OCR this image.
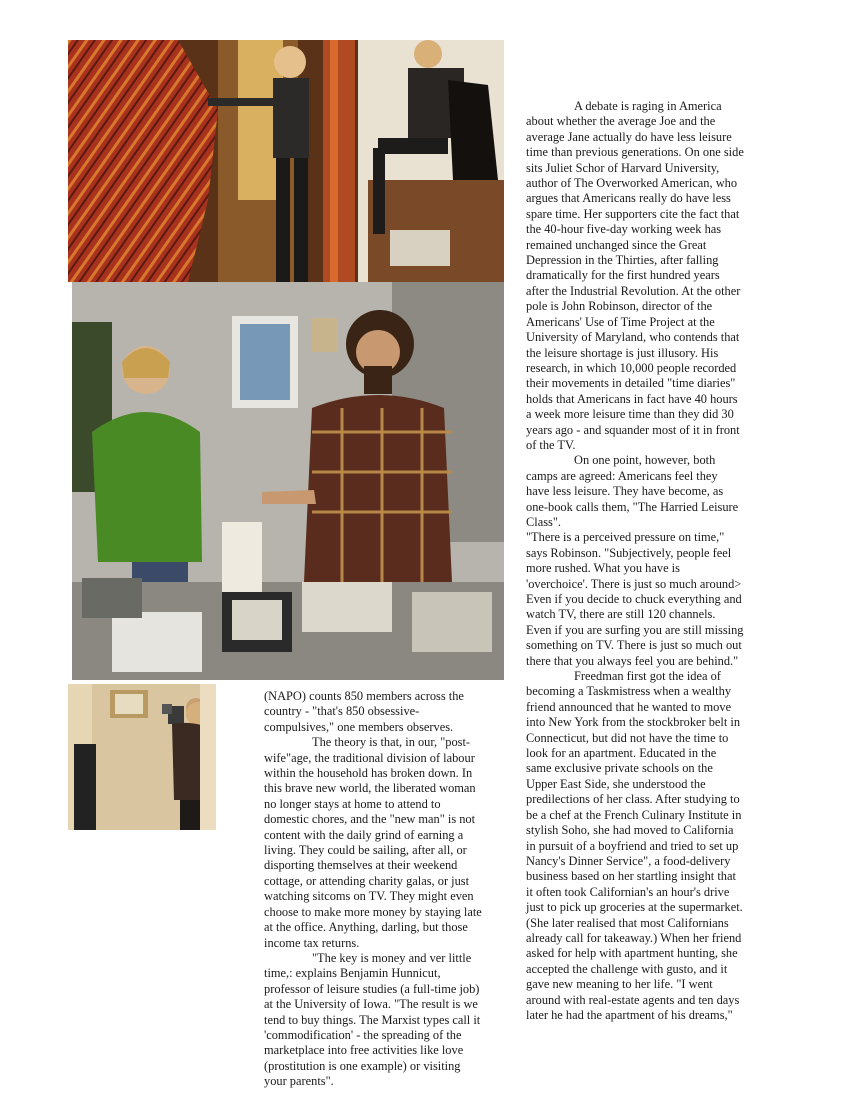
A debate is raging in America about whether the average Joe and the average Jane actually do have less leisure time than previous generations. On one side sits Juliet Schor of Harvard University, author of The Overworked American, who argues that Americans really do have less spare time. Her supporters cite the fact that the 40-hour five-day working week has remained unchanged since the Great Depression in the Thirties, after falling dramatically for the first hundred years after the Industrial Revolution. At the other pole is John Robinson, director of the Americans' Use of Time Project at the University of Maryland, who contends that the leisure shortage is just illusory. His research, in which 10,000 people recorded their movements in detailed "time diaries" holds that Americans in fact have 40 hours a week more leisure time than they did 30 years ago - and squander most of it in front of the TV.

On one point, however, both camps are agreed: Americans feel they have less leisure. They have become, as one-book calls them, "The Harried Leisure Class".

"There is a perceived pressure on time," says Robinson. "Subjectively, people feel more rushed. What you have is 'overchoice'. There is just so much around> Even if you decide to chuck everything and watch TV, there are still 120 channels. Even if you are surfing you are still missing something on TV. There is just so much out there that you always feel you are behind."

Freedman first got the idea of becoming a Taskmistress when a wealthy friend announced that he wanted to move into New York from the stockbroker belt in Connecticut, but did not have the time to look for an apartment. Educated in the same exclusive private schools on the Upper East Side, she understood the predilections of her class. After studying to be a chef at the French Culinary Institute in stylish Soho, she had moved to California in pursuit of a boyfriend and tried to set up Nancy's Dinner Service", a food-delivery business based on her startling insight that it often took Californian's an hour's drive just to pick up groceries at the supermarket. (She later realised that most Californians already call for takeaway.) When her friend asked for help with apartment hunting, she accepted the challenge with gusto, and it gave new meaning to her life. "I went around with real-estate agents and ten days later he had the apartment of his dreams,"

(NAPO) counts 850 members across the country - "that's 850 obsessive-compulsives," one members observes.

The theory is that, in our, "post-wife"age, the traditional division of labour within the household has broken down. In this brave new world, the liberated woman no longer stays at home to attend to domestic chores, and the "new man" is not content with the daily grind of earning a living. They could be sailing, after all, or disporting themselves at their weekend cottage, or attending charity galas, or just watching sitcoms on TV. They might even choose to make more money by staying late at the office. Anything, darling, but those income tax returns.

"The key is money and ver little time,: explains Benjamin Hunnicut, professor of leisure studies (a full-time job) at the University of Iowa. "The result is we tend to buy things. The Marxist types call it 'commodification' - the spreading of the marketplace into free activities like love (prostitution is one example) or visiting your parents".
